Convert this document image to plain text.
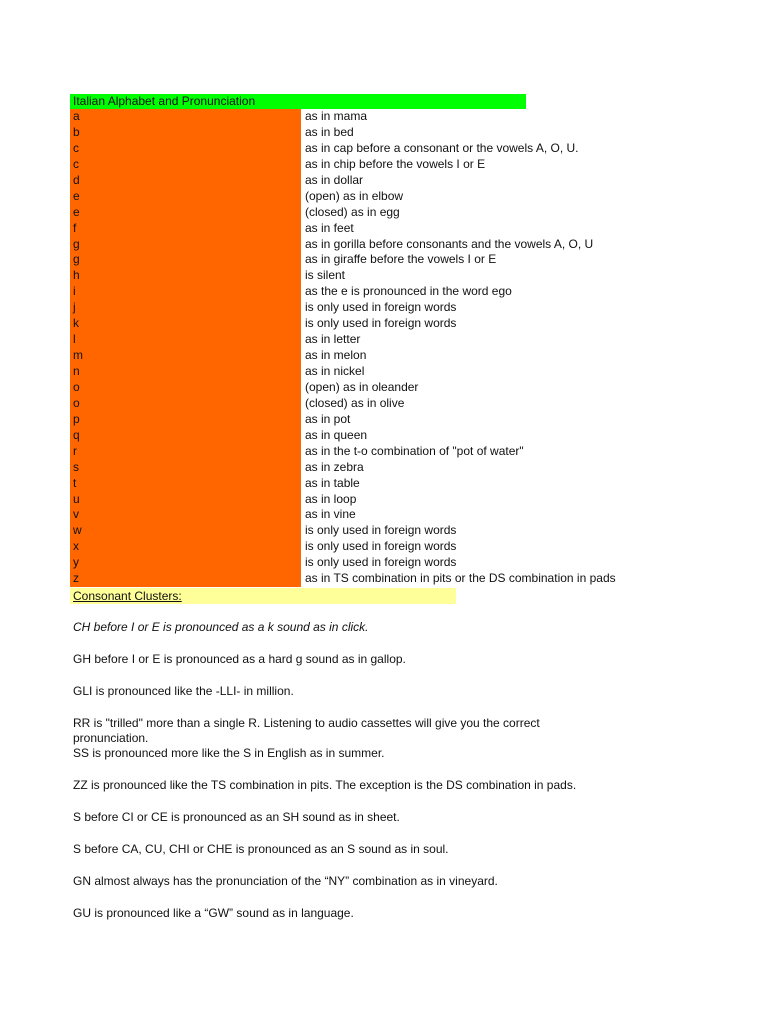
Italian Alphabet and Pronunciation
a	as in mama
b	as in bed
c	as in cap before a consonant or the vowels A, O, U.
c	as in chip before the vowels I or E
d	as in dollar
e	(open) as in elbow
e	(closed) as in egg
f	as in feet
g	as in gorilla before consonants and the vowels A, O, U
g	as in giraffe before the vowels I or E
h	is silent
i	as the e is pronounced in the word ego
j	is only used in foreign words
k	is only used in foreign words
l	as in letter
m	as in melon
n	as in nickel
o	(open) as in oleander
o	(closed) as in olive
p	as in pot
q	as in queen
r	as in the t-o combination of "pot of water"
s	as in zebra
t	as in table
u	as in loop
v	as in vine
w	is only used in foreign words
x	is only used in foreign words
y	is only used in foreign words
z	as in TS combination in pits or the DS combination in pads
Consonant Clusters:
CH before I or E is pronounced as a k sound as in click.
GH before I or E is pronounced as a hard g sound as in gallop.
GLI is pronounced like the -LLI- in million.
RR is "trilled" more than a single R. Listening to audio cassettes will give you the correct pronunciation.
SS is pronounced more like the S in English as in summer.
ZZ is pronounced like the TS combination in pits. The exception is the DS combination in pads.
S before CI or CE is pronounced as an SH sound as in sheet.
S before CA, CU, CHI or CHE is pronounced as an S sound as in soul.
GN almost always has the pronunciation of the “NY” combination as in vineyard.
GU is pronounced like a “GW” sound as in language.
